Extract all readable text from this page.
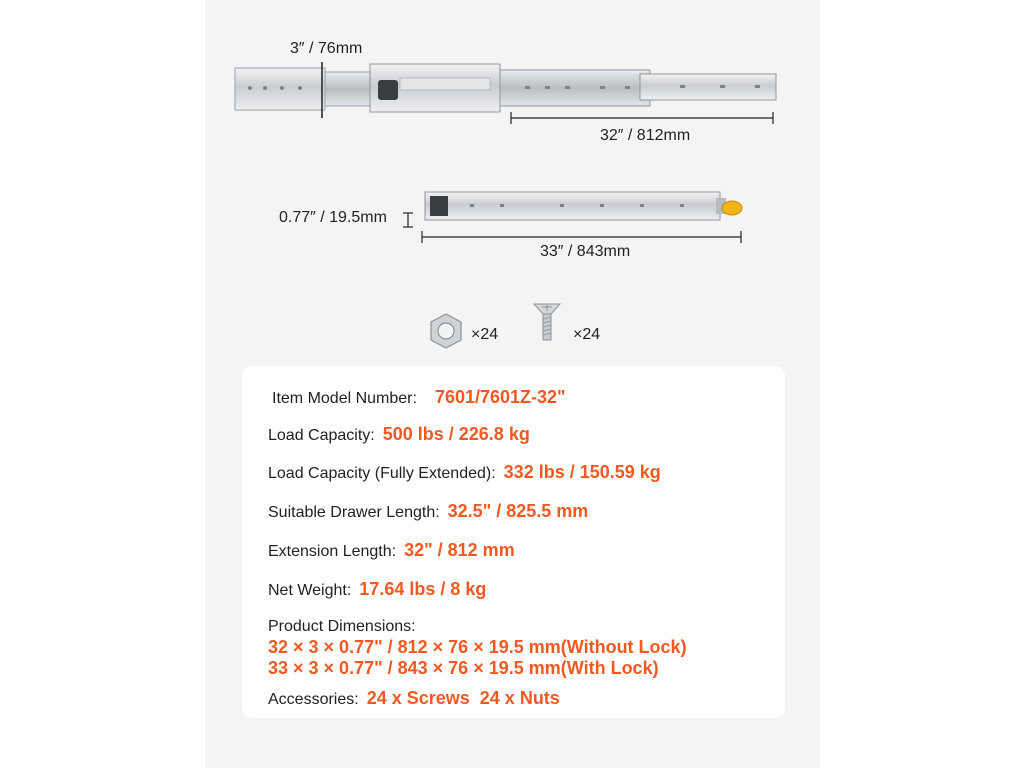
×24	×24
3″ / 76mm
32″ / 812mm
0.77″ / 19.5mm
33″ / 843mm
Item Model Number: 7601/7601Z-32"
Load Capacity: 500 lbs / 226.8 kg
Load Capacity (Fully Extended): 332 lbs / 150.59 kg
Suitable Drawer Length: 32.5" / 825.5 mm
Extension Length: 32" / 812 mm
Net Weight: 17.64 lbs / 8 kg
Product Dimensions:
32 × 3 × 0.77" / 812 × 76 × 19.5 mm(Without Lock)
33 × 3 × 0.77" / 843 × 76 × 19.5 mm(With Lock)
Accessories: 24 x Screws 24 x Nuts
